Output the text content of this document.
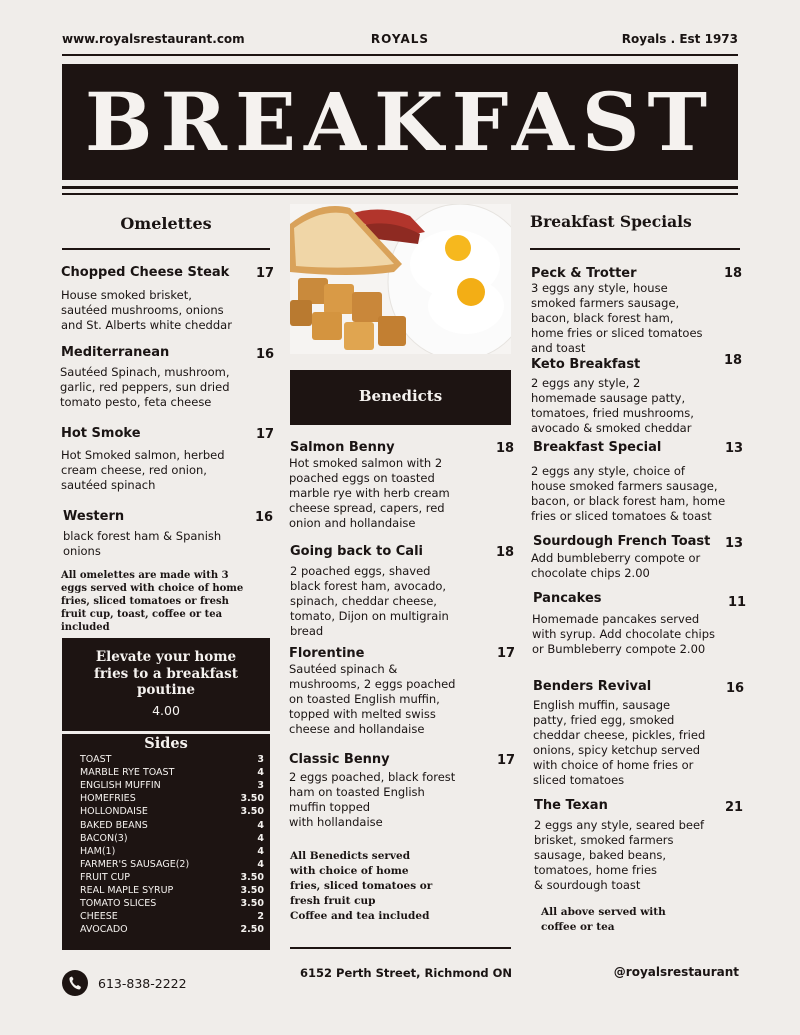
www.royalsrestaurant.com	ROYALS	Royals . Est 1973
BREAKFAST
Omelettes
Chopped Cheese Steak 17
House smoked brisket,
sautéed mushrooms, onions
and St. Alberts white cheddar
Mediterranean	16
Sautéed Spinach, mushroom,
garlic, red peppers, sun dried
tomato pesto, feta cheese
Hot Smoke	17
Hot Smoked salmon, herbed
cream cheese, red onion,
sautéed spinach
Western	16
black forest ham & Spanish
onions
All omelettes are made with 3
eggs served with choice of home
fries, sliced tomatoes or fresh
fruit cup, toast, coffee or tea
included
Elevate your home
fries to a breakfast
poutine
4.00
Sides
TOAST	3
MARBLE RYE TOAST	4
ENGLISH MUFFIN	3
HOMEFRIES	3.50
HOLLONDAISE	3.50
BAKED BEANS	4
BACON(3)	4
HAM(1)	4
FARMER'S SAUSAGE(2)	4
FRUIT CUP	3.50
REAL MAPLE SYRUP	3.50
TOMATO SLICES	3.50
CHEESE	2
AVOCADO	2.50
Benedicts
Salmon Benny	18
Hot smoked salmon with 2
poached eggs on toasted
marble rye with herb cream
cheese spread, capers, red
onion and hollandaise
Going back to Cali	18
2 poached eggs, shaved
black forest ham, avocado,
spinach, cheddar cheese,
tomato, Dijon on multigrain
bread
Florentine	17
Sautéed spinach &
mushrooms, 2 eggs poached
on toasted English muffin,
topped with melted swiss
cheese and hollandaise
Classic Benny	17
2 eggs poached, black forest
ham on toasted English
muffin topped
with hollandaise
All Benedicts served
with choice of home
fries, sliced tomatoes or
fresh fruit cup
Coffee and tea included
Breakfast Specials
Peck & Trotter	18
3 eggs any style, house
smoked farmers sausage,
bacon, black forest ham,
home fries or sliced tomatoes
and toast
Keto Breakfast	18
2 eggs any style, 2
homemade sausage patty,
tomatoes, fried mushrooms,
avocado & smoked cheddar
Breakfast Special	13
2 eggs any style, choice of
house smoked farmers sausage,
bacon, or black forest ham, home
fries or sliced tomatoes & toast
Sourdough French Toast 13
Add bumbleberry compote or
chocolate chips 2.00
Pancakes	11
Homemade pancakes served
with syrup. Add chocolate chips
or Bumbleberry compote 2.00
Benders Revival	16
English muffin, sausage
patty, fried egg, smoked
cheddar cheese, pickles, fried
onions, spicy ketchup served
with choice of home fries or
sliced tomatoes
The Texan	21
2 eggs any style, seared beef
brisket, smoked farmers
sausage, baked beans,
tomatoes, home fries
& sourdough toast
All above served with
coffee or tea
613-838-2222
6152 Perth Street, Richmond ON	@royalsrestaurant
